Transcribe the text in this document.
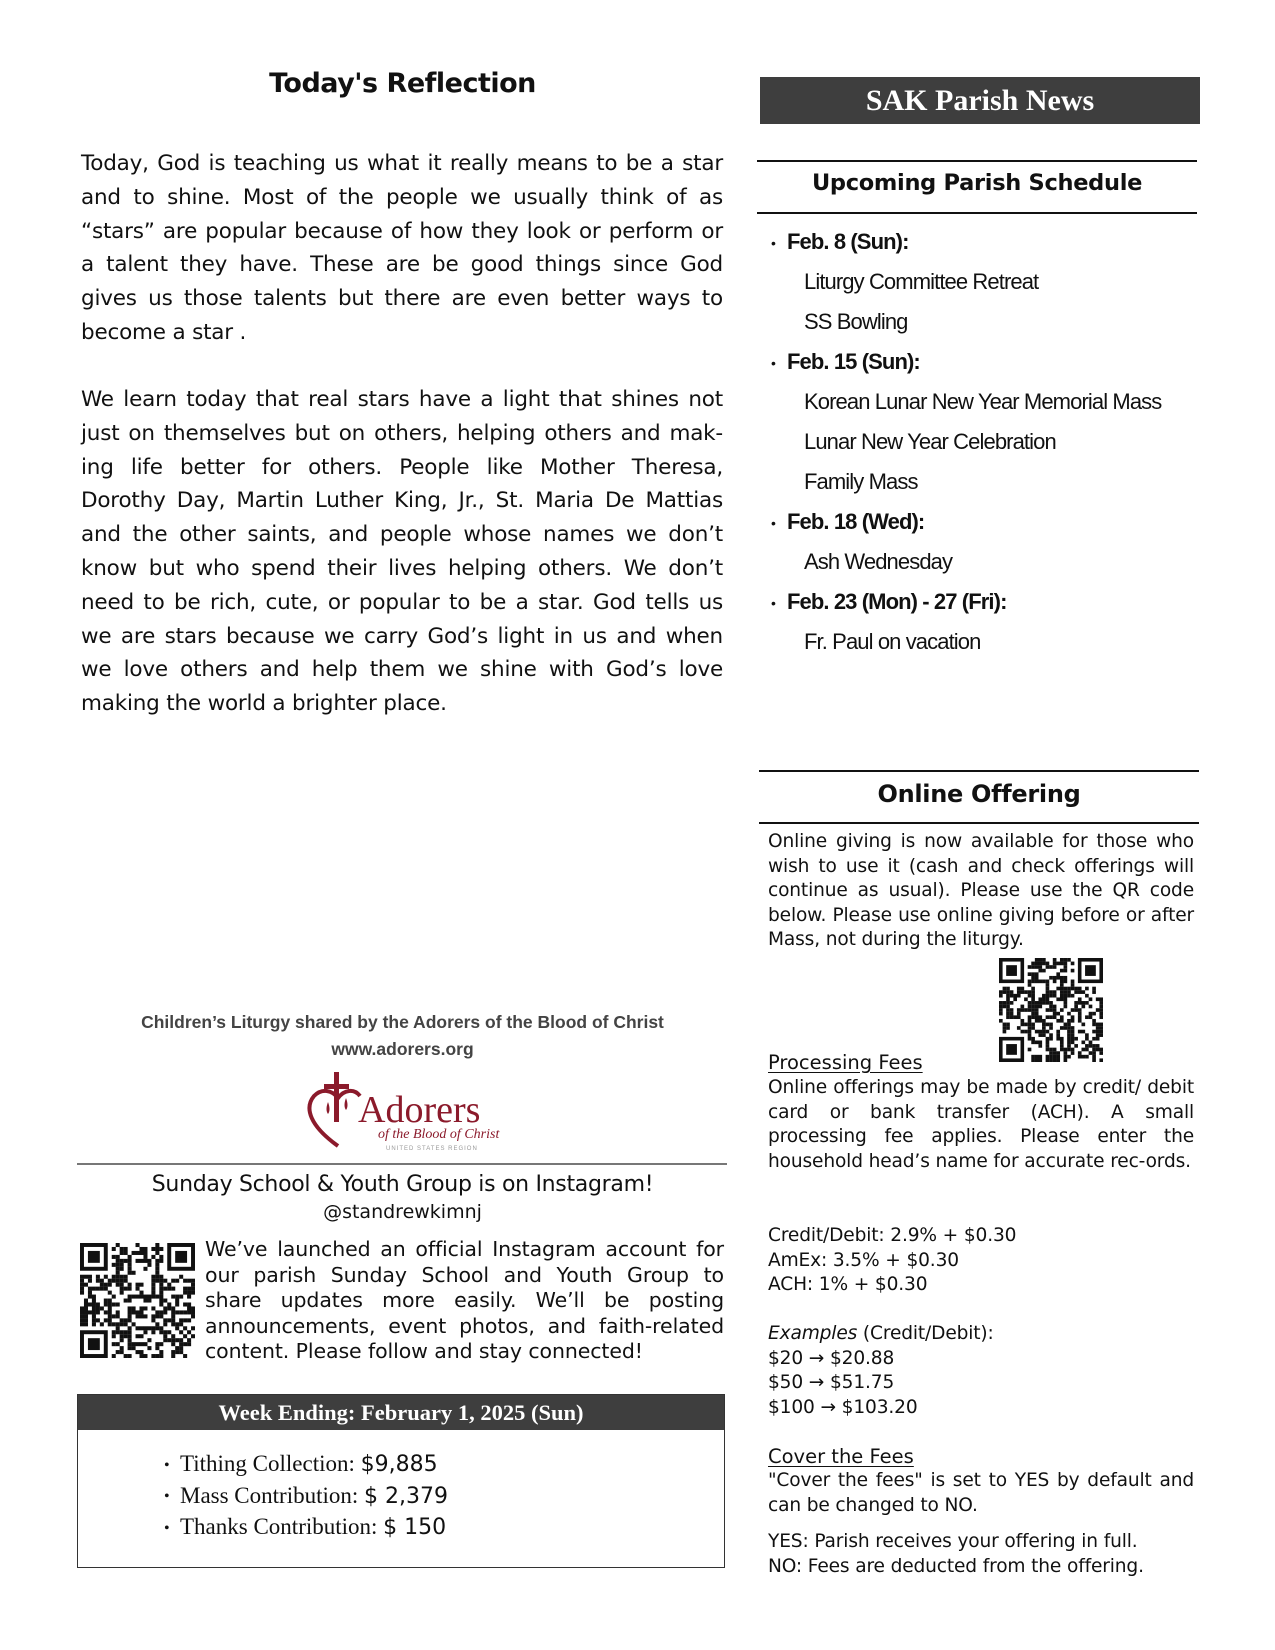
Today's Reflection

Today, God is teaching us what it really means to be a star and to shine. Most of the people we usually think of as “stars” are popular because of how they look or perform or a talent they have. These are be good things since God gives us those talents but there are even better ways to become a star .

We learn today that real stars have a light that shines not just on themselves but on others, helping others and mak-ing life better for others. People like Mother Theresa, Dorothy Day, Martin Luther King, Jr., St. Maria De Mattias and the other saints, and people whose names we don’t know but who spend their lives helping others. We don’t need to be rich, cute, or popular to be a star. God tells us we are stars because we carry God’s light in us and when we love others and help them we shine with God’s love making the world a brighter place.

Children’s Liturgy shared by the Adorers of the Blood of Christ
www.adorers.org
Adorers
of the Blood of Christ
UNITED STATES REGION
Sunday School & Youth Group is on Instagram!
@standrewkimnj

We’ve launched an official Instagram account for our parish Sunday School and Youth Group to share updates more easily. We’ll be posting announcements, event photos, and faith-related content. Please follow and stay connected!

Week Ending: February 1, 2025 (Sun)
• Tithing Collection: $9,885
• Mass Contribution: $ 2,379
• Thanks Contribution: $ 150
SAK Parish News
Upcoming Parish Schedule
• Feb. 8 (Sun):
Liturgy Committee Retreat
SS Bowling
• Feb. 15 (Sun):
Korean Lunar New Year Memorial Mass
Lunar New Year Celebration
Family Mass
• Feb. 18 (Wed):
Ash Wednesday
• Feb. 23 (Mon) - 27 (Fri):
Fr. Paul on vacation
Online Offering

Online giving is now available for those who wish to use it (cash and check offerings will continue as usual). Please use the QR code below. Please use online giving before or after Mass, not during the liturgy.

Processing Fees

Online offerings may be made by credit/ debit card or bank transfer (ACH). A small processing fee applies. Please enter the household head’s name for accurate rec-ords.

Credit/Debit: 2.9% + $0.30
AmEx: 3.5% + $0.30
ACH: 1% + $0.30
Examples (Credit/Debit):
$20 → $20.88
$50 → $51.75
$100 → $103.20
Cover the Fees

"Cover the fees" is set to YES by default and can be changed to NO.

YES: Parish receives your offering in full.
NO: Fees are deducted from the offering.
